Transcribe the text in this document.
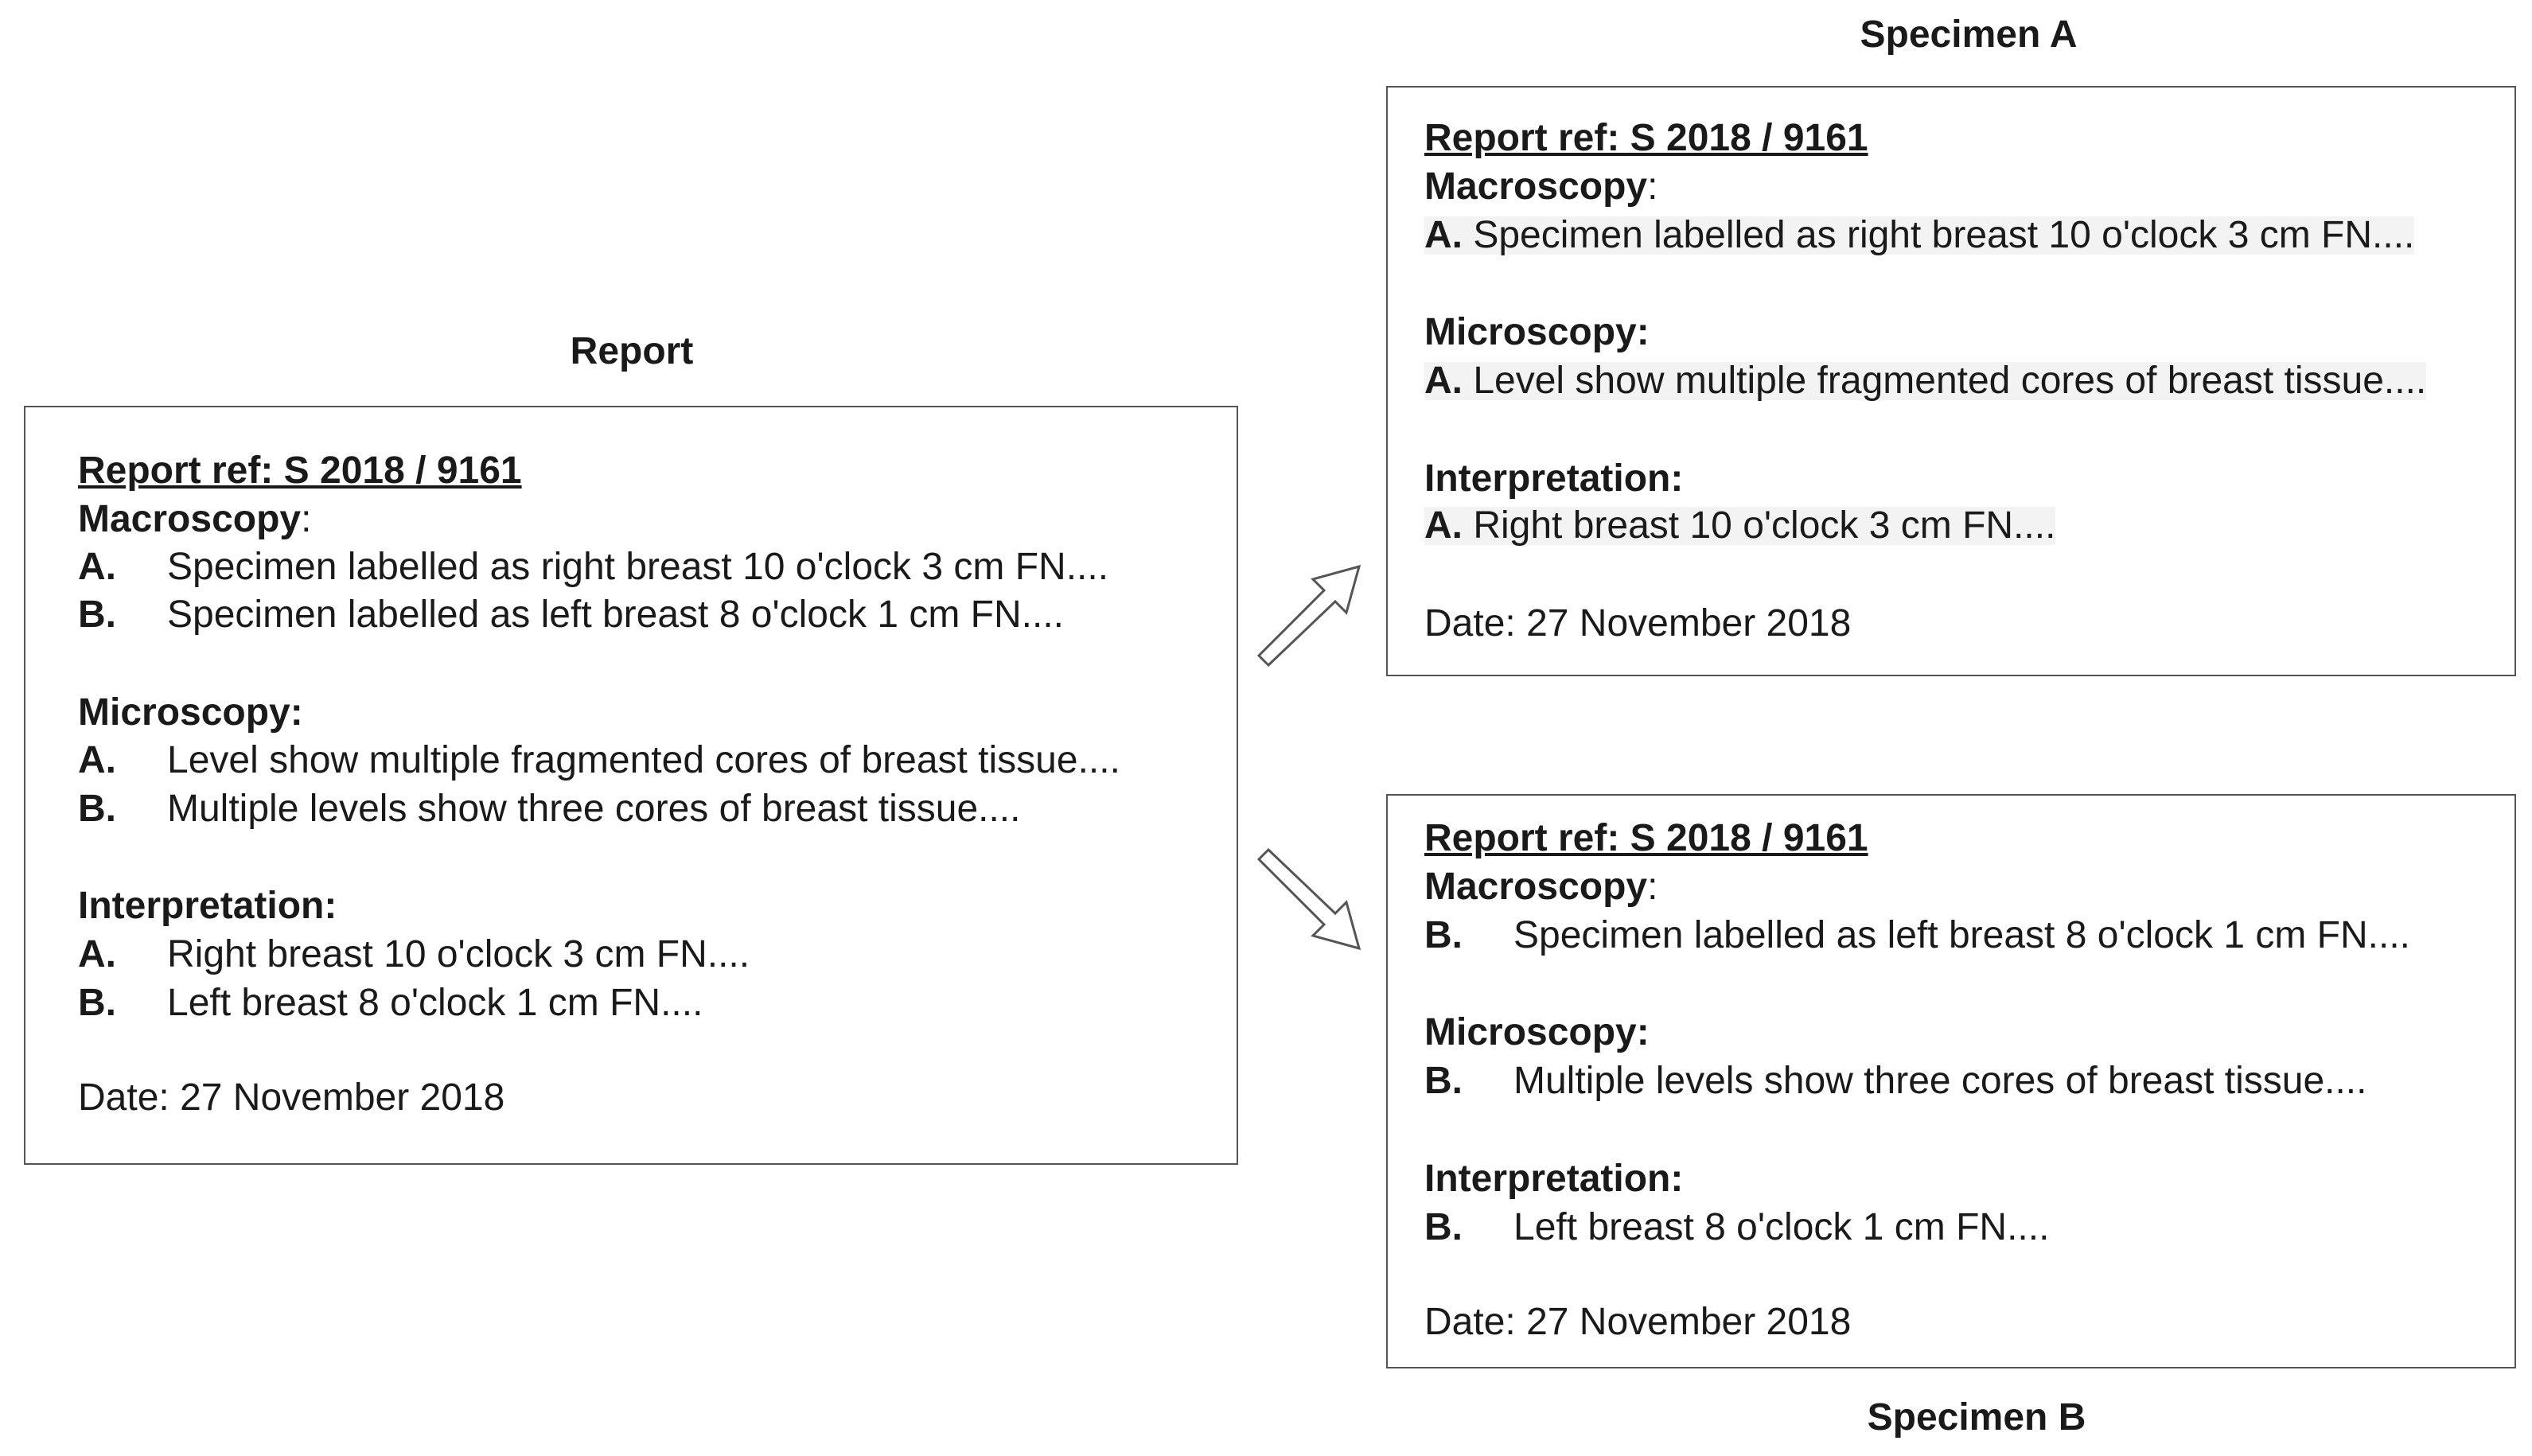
Report
Specimen A
Specimen B
Report ref: S 2018 / 9161
Macroscopy:
A. Specimen labelled as right breast 10 o'clock 3 cm FN....
B. Specimen labelled as left breast 8 o'clock 1 cm FN....
Microscopy:
A. Level show multiple fragmented cores of breast tissue....
B. Multiple levels show three cores of breast tissue....
Interpretation:
A. Right breast 10 o'clock 3 cm FN....
B. Left breast 8 o'clock 1 cm FN....
Date: 27 November 2018
Report ref: S 2018 / 9161
Macroscopy:
A. Specimen labelled as right breast 10 o'clock 3 cm FN....
Microscopy:
A. Level show multiple fragmented cores of breast tissue....
Interpretation:
A. Right breast 10 o'clock 3 cm FN....
Date: 27 November 2018
Report ref: S 2018 / 9161
Macroscopy:
B. Specimen labelled as left breast 8 o'clock 1 cm FN....
Microscopy:
B. Multiple levels show three cores of breast tissue....
Interpretation:
B. Left breast 8 o'clock 1 cm FN....
Date: 27 November 2018
